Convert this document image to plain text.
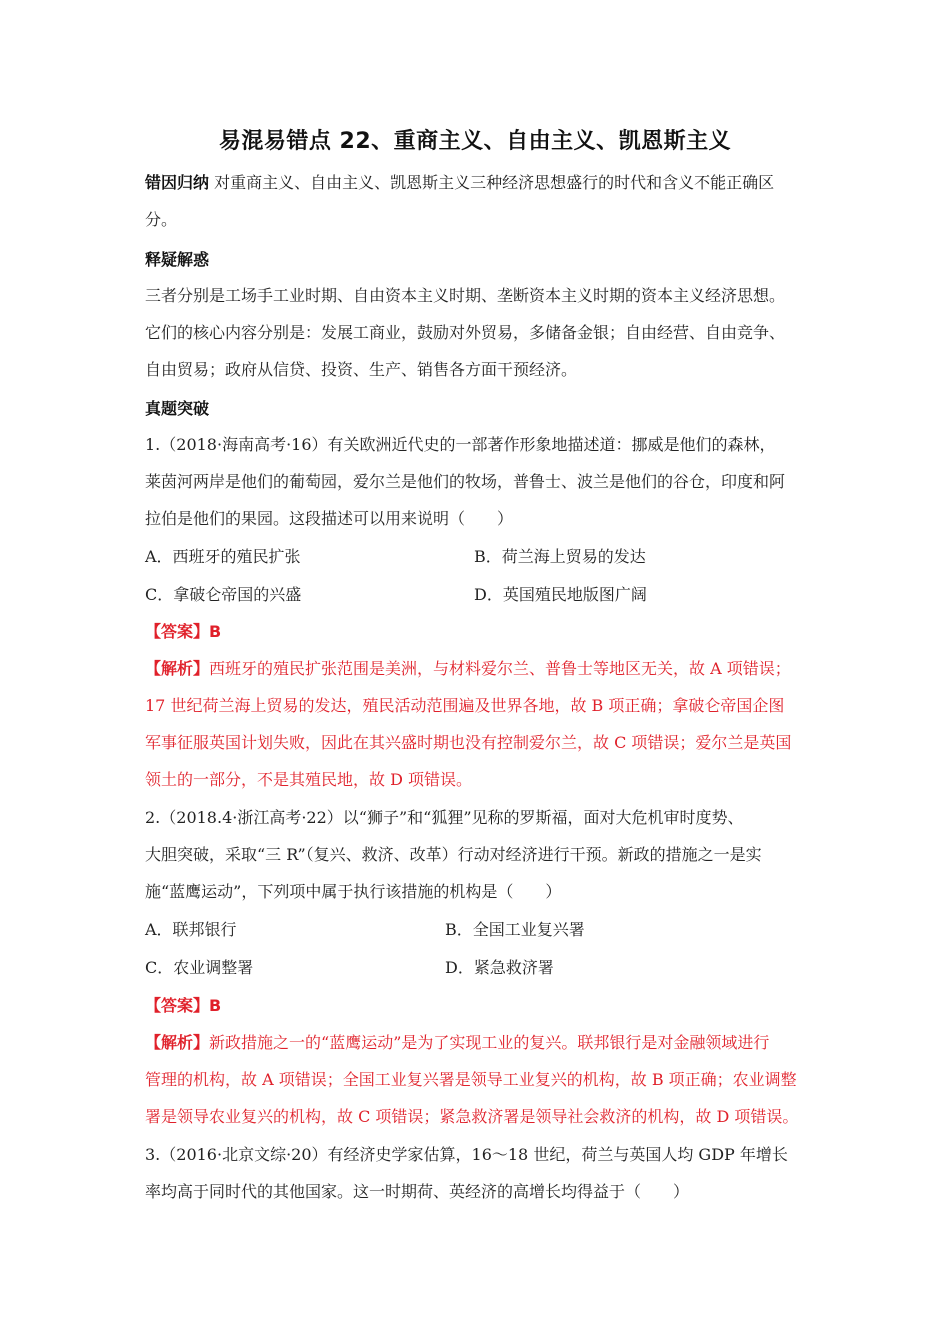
易混易错点 22、重商主义、自由主义、凯恩斯主义
错因归纳 对重商主义、自由主义、凯恩斯主义三种经济思想盛行的时代和含义不能正确区
分。
释疑解惑
三者分别是工场手工业时期、自由资本主义时期、垄断资本主义时期的资本主义经济思想。
它们的核心内容分别是：发展工商业，鼓励对外贸易，多储备金银；自由经营、自由竞争、
自由贸易；政府从信贷、投资、生产、销售各方面干预经济。
真题突破
1.（2018·海南高考·16）有关欧洲近代史的一部著作形象地描述道：挪威是他们的森林，
莱茵河两岸是他们的葡萄园，爱尔兰是他们的牧场，普鲁士、波兰是他们的谷仓，印度和阿
拉伯是他们的果园。这段描述可以用来说明（　　）
A．西班牙的殖民扩张	B．荷兰海上贸易的发达
C．拿破仑帝国的兴盛	D．英国殖民地版图广阔
【答案】B
【解析】西班牙的殖民扩张范围是美洲，与材料爱尔兰、普鲁士等地区无关，故 A 项错误；
17 世纪荷兰海上贸易的发达，殖民活动范围遍及世界各地，故 B 项正确；拿破仑帝国企图
军事征服英国计划失败，因此在其兴盛时期也没有控制爱尔兰，故 C 项错误；爱尔兰是英国
领土的一部分，不是其殖民地，故 D 项错误。
2.（2018.4·浙江高考·22）以“狮子”和“狐狸”见称的罗斯福，面对大危机审时度势、
大胆突破，采取“三 R”（复兴、救济、改革）行动对经济进行干预。新政的措施之一是实
施“蓝鹰运动”，下列项中属于执行该措施的机构是（　　）
A．联邦银行	B．全国工业复兴署
C．农业调整署	D．紧急救济署
【答案】B
【解析】新政措施之一的“蓝鹰运动”是为了实现工业的复兴。联邦银行是对金融领域进行
管理的机构，故 A 项错误；全国工业复兴署是领导工业复兴的机构，故 B 项正确；农业调整
署是领导农业复兴的机构，故 C 项错误；紧急救济署是领导社会救济的机构，故 D 项错误。
3.（2016·北京文综·20）有经济史学家估算，16～18 世纪，荷兰与英国人均 GDP 年增长
率均高于同时代的其他国家。这一时期荷、英经济的高增长均得益于（　　）
